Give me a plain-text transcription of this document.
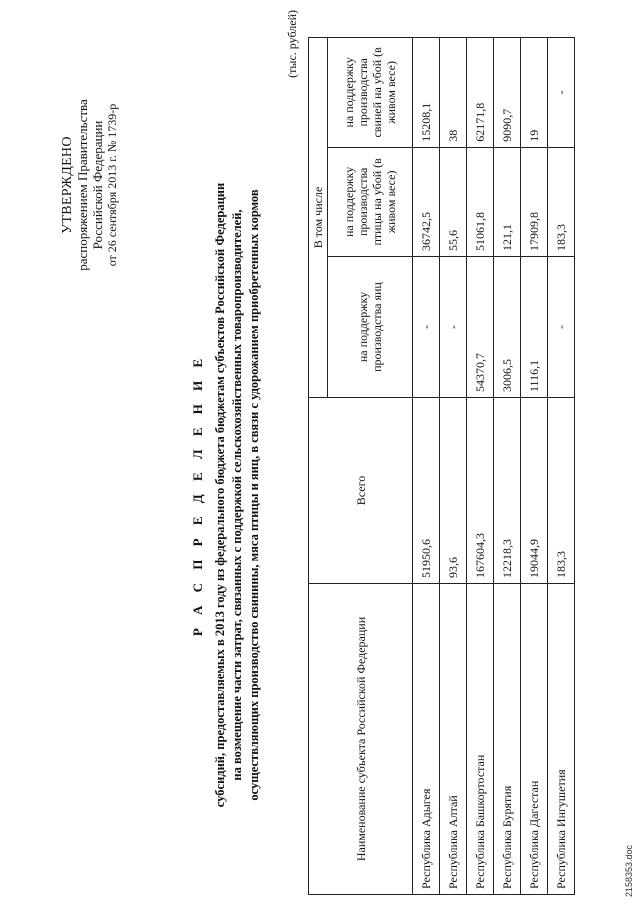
УТВЕРЖДЕНО распоряжением Правительства Российской Федерации от 26 сентября 2013 г. № 1739-р
Р А С П Р Е Д Е Л Е Н И Е субсидий, предоставляемых в 2013 году из федерального бюджета бюджетам субъектов Российской Федерации на возмещение части затрат, связанных с поддержкой сельскохозяйственных товаропроизводителей, осуществляющих производство свинины, мяса птицы и яиц, в связи с удорожанием приобретенных кормов
(тыс. рублей)
Наименование субъекта Российской Федерации	Всего	В том числе		
		на поддержку производства яиц	на поддержку производства птицы на убой (в живом весе)	на поддержку производства свиней на убой (в живом весе)
Республика Адыгея	51950,6	-	36742,5	15208,1
Республика Алтай	93,6	-	55,6	38
Республика Башкортостан	167604,3	54370,7	51061,8	62171,8
Республика Бурятия	12218,3	3006,5	121,1	9090,7
Республика Дагестан	19044,9	1116,1	17909,8	19
Республика Ингушетия	183,3	-	183,3	-
2158353.doc
